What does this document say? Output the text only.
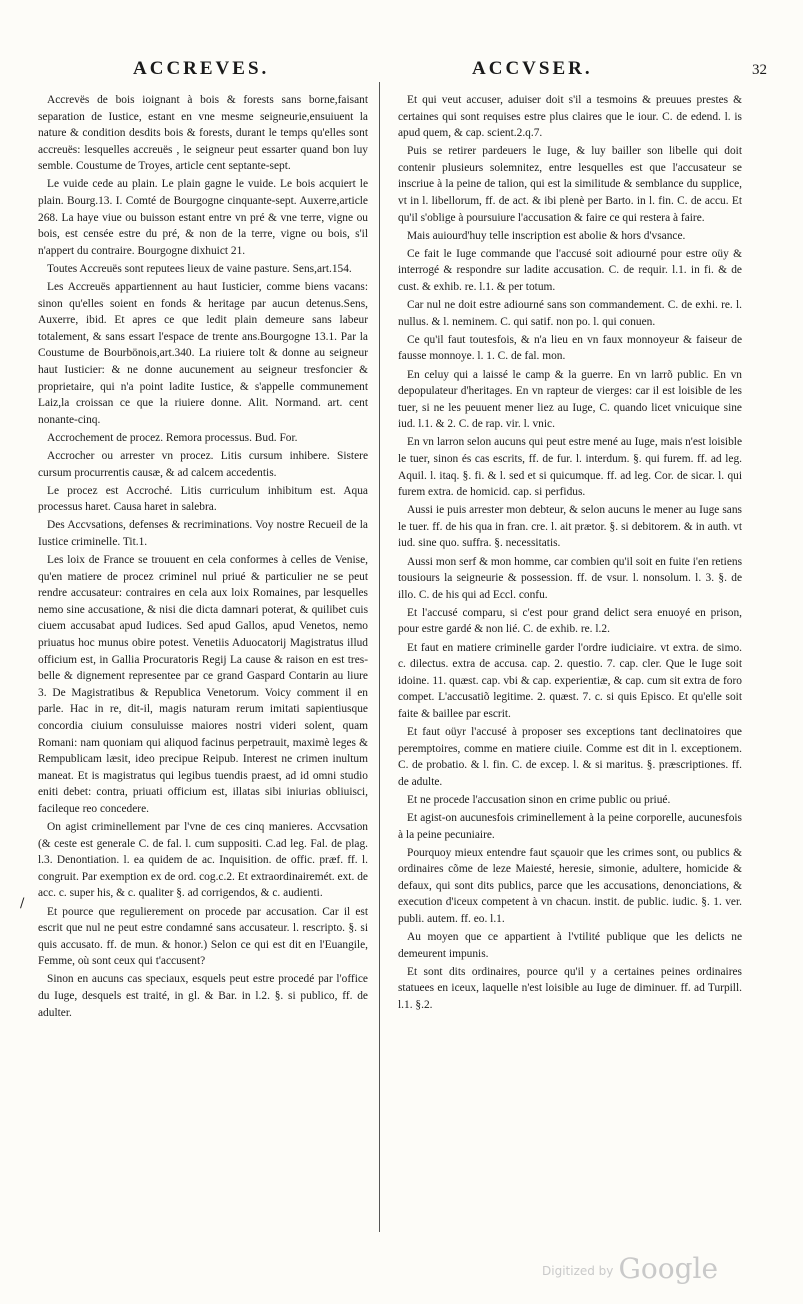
ACCREVES.	ACCVSER.	32
/

Accrevës de bois ioignant à bois & forests sans borne,faisant separation de Iustice, estant en vne mesme seigneurie,ensuiuent la nature & condition desdits bois & forests, durant le temps qu'elles sont accreuës: lesquelles accreuës , le seigneur peut essarter quand bon luy semble. Coustume de Troyes, article cent septante-sept.

Le vuide cede au plain. Le plain gagne le vuide. Le bois acquiert le plain. Bourg.13. I. Comté de Bourgogne cinquante-sept. Auxerre,article 268. La haye viue ou buisson estant entre vn pré & vne terre, vigne ou bois, est censée estre du pré, & non de la terre, vigne ou bois, s'il n'appert du contraire. Bourgogne dixhuict 21.

Toutes Accreuës sont reputees lieux de vaine pasture. Sens,art.154.

Les Accreuës appartiennent au haut Iusticier, comme biens vacans: sinon qu'elles soient en fonds & heritage par aucun detenus.Sens, Auxerre, ibid. Et apres ce que ledit plain demeure sans labeur totalement, & sans essart l'espace de trente ans.Bourgogne 13.1. Par la Coustume de Bourbönois,art.340. La riuiere tolt & donne au seigneur haut Iusticier: & ne donne aucunement au seigneur tresfoncier & proprietaire, qui n'a point ladite Iustice, & s'appelle communement Laiz,la croissan ce que la riuiere donne. Alit. Normand. art. cent nonante-cinq.

Accrochement de procez. Remora processus. Bud. For.

Accrocher ou arrester vn procez. Litis cursum inhibere. Sistere cursum procurrentis causæ, & ad calcem accedentis.

Le procez est Accroché. Litis curriculum inhibitum est. Aqua processus haret. Causa haret in salebra.

Des Accvsations, defenses & recriminations. Voy nostre Recueil de la Iustice criminelle. Tit.1.

Les loix de France se trouuent en cela conformes à celles de Venise, qu'en matiere de procez criminel nul priué & particulier ne se peut rendre accusateur: contraires en cela aux loix Romaines, par lesquelles nemo sine accusatione, & nisi die dicta damnari poterat, & quilibet cuis ciuem accusabat apud Iudices. Sed apud Gallos, apud Venetos, nemo priuatus hoc munus obire potest. Venetiis Aduocatorij Magistratus illud officium est, in Gallia Procuratoris Regij La cause & raison en est tres-belle & dignement representee par ce grand Gaspard Contarin au liure 3. De Magistratibus & Republica Venetorum. Voicy comment il en parle. Hac in re, dit-il, magis naturam rerum imitati sapientiusque concordia ciuium consuluisse maiores nostri videri solent, quam Romani: nam quoniam qui aliquod facinus perpetrauit, maximè leges & Rempublicam læsit, ideo precipue Reipub. Interest ne crimen inultum maneat. Et is magistratus qui legibus tuendis praest, ad id omni studio eniti debet: contra, priuati officium est, illatas sibi iniurias obliuisci, facileque reo concedere.

On agist criminellement par l'vne de ces cinq manieres. Accvsation (& ceste est generale C. de fal. l. cum suppositi. C.ad leg. Fal. de plag. l.3. Denontiation. l. ea quidem de ac. Inquisition. de offic. præf. ff. l. congruit. Par exemption ex de ord. cog.c.2. Et extraordinairemét. ext. de acc. c. super his, & c. qualiter §. ad corrigendos, & c. audienti.

Et pource que regulierement on procede par accusation. Car il est escrit que nul ne peut estre condamné sans accusateur. l. rescripto. §. si quis accusato. ff. de mun. & honor.) Selon ce qui est dit en l'Euangile, Femme, où sont ceux qui t'accusent?

Sinon en aucuns cas speciaux, esquels peut estre procedé par l'office du Iuge, desquels est traité, in gl. & Bar. in l.2. §. si publico, ff. de adulter.

Et qui veut accuser, aduiser doit s'il a tesmoins & preuues prestes & certaines qui sont requises estre plus claires que le iour. C. de edend. l. is apud quem, & cap. scient.2.q.7.

Puis se retirer pardeuers le Iuge, & luy bailler son libelle qui doit contenir plusieurs solemnitez, entre lesquelles est que l'accusateur se inscriue à la peine de talion, qui est la similitude & semblance du supplice, vt in l. libellorum, ff. de act. & ibi plenè per Barto. in l. fin. C. de accu. Et qu'il s'oblige à poursuiure l'accusation & faire ce qui restera à faire.

Mais auiourd'huy telle inscription est abolie & hors d'vsance.

Ce fait le Iuge commande que l'accusé soit adiourné pour estre oüy & interrogé & respondre sur ladite accusation. C. de requir. l.1. in fi. & de cust. & exhib. re. l.1. & per totum.

Car nul ne doit estre adiourné sans son commandement. C. de exhi. re. l. nullus. & l. neminem. C. qui satif. non po. l. qui conuen.

Ce qu'il faut toutesfois, & n'a lieu en vn faux monnoyeur & faiseur de fausse monnoye. l. 1. C. de fal. mon.

En celuy qui a laissé le camp & la guerre. En vn larrõ public. En vn depopulateur d'heritages. En vn rapteur de vierges: car il est loisible de les tuer, si ne les peuuent mener liez au Iuge, C. quando licet vnicuique sine iud. l.1. & 2. C. de rap. vir. l. vnic.

En vn larron selon aucuns qui peut estre mené au Iuge, mais n'est loisible le tuer, sinon és cas escrits, ff. de fur. l. interdum. §. qui furem. ff. ad leg. Aquil. l. itaq. §. fi. & l. sed et si quicumque. ff. ad leg. Cor. de sicar. l. qui furem extra. de homicid. cap. si perfidus.

Aussi ie puis arrester mon debteur, & selon aucuns le mener au Iuge sans le tuer. ff. de his qua in fran. cre. l. ait prætor. §. si debitorem. & in auth. vt iud. sine quo. suffra. §. necessitatis.

Aussi mon serf & mon homme, car combien qu'il soit en fuite i'en retiens tousiours la seigneurie & possession. ff. de vsur. l. nonsolum. l. 3. §. de illo. C. de his qui ad Eccl. confu.

Et l'accusé comparu, si c'est pour grand delict sera enuoyé en prison, pour estre gardé & non lié. C. de exhib. re. l.2.

Et faut en matiere criminelle garder l'ordre iudiciaire. vt extra. de simo. c. dilectus. extra de accusa. cap. 2. questio. 7. cap. cler. Que le Iuge soit idoine. 11. quæst. cap. vbi & cap. experientiæ, & cap. cum sit extra de foro compet. L'accusatiõ legitime. 2. quæst. 7. c. si quis Episco. Et qu'elle soit faite & baillee par escrit.

Et faut oüyr l'accusé à proposer ses exceptions tant declinatoires que peremptoires, comme en matiere ciuile. Comme est dit in l. exceptionem. C. de probatio. & l. fin. C. de excep. l. & si maritus. §. præscriptiones. ff. de adulte.

Et ne procede l'accusation sinon en crime public ou priué.

Et agist-on aucunesfois criminellement à la peine corporelle, aucunesfois à la peine pecuniaire.

Pourquoy mieux entendre faut sçauoir que les crimes sont, ou publics & ordinaires cõme de leze Maiesté, heresie, simonie, adultere, homicide & defaux, qui sont dits publics, parce que les accusations, denonciations, & execution d'iceux competent à vn chacun. instit. de public. iudic. §. 1. ver. publi. autem. ff. eo. l.1.

Au moyen que ce appartient à l'vtilité publique que les delicts ne demeurent impunis.

Et sont dits ordinaires, pource qu'il y a certaines peines ordinaires statuees en iceux, laquelle n'est loisible au Iuge de diminuer. ff. ad Turpill. l.1. §.2.

Digitized by Google
